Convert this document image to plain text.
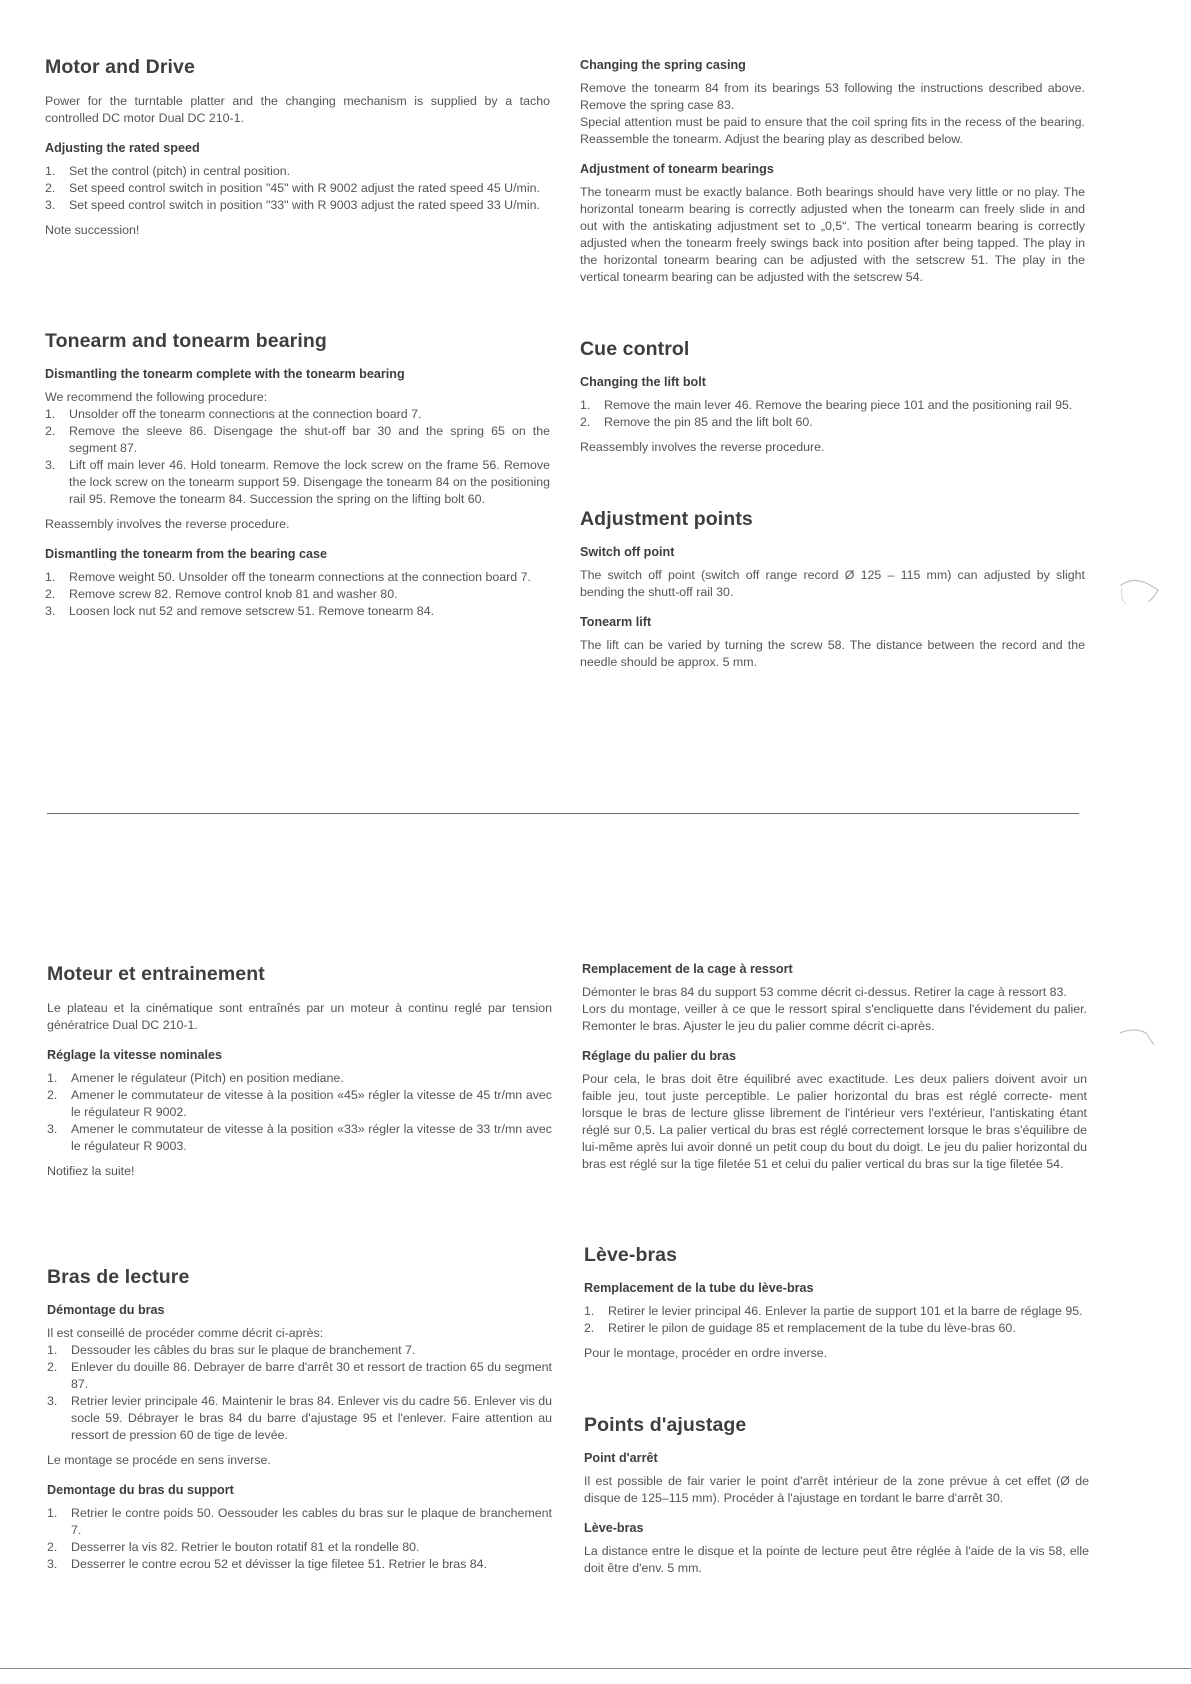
Motor and Drive

Power for the turntable platter and the changing mechanism is supplied by a tacho controlled DC motor Dual DC 210-1.

Adjusting the rated speed
1. Set the control (pitch) in central position.
2. Set speed control switch in position "45" with R 9002 adjust the rated speed 45 U/min.
3. Set speed control switch in position "33" with R 9003 adjust the rated speed 33 U/min.

Note succession!

Tonearm and tonearm bearing
Dismantling the tonearm complete with the tonearm bearing

We recommend the following procedure:

1. Unsolder off the tonearm connections at the connection board 7.
2. Remove the sleeve 86. Disengage the shut-off bar 30 and the spring 65 on the segment 87.
3. Lift off main lever 46. Hold tonearm. Remove the lock screw on the frame 56. Remove the lock screw on the tonearm support 59. Disengage the tonearm 84 on the positioning rail 95. Remove the tonearm 84. Succession the spring on the lifting bolt 60.

Reassembly involves the reverse procedure.

Dismantling the tonearm from the bearing case
1. Remove weight 50. Unsolder off the tonearm connections at the connection board 7.
2. Remove screw 82. Remove control knob 81 and washer 80.
3. Loosen lock nut 52 and remove setscrew 51. Remove tonearm 84.
Changing the spring casing

Remove the tonearm 84 from its bearings 53 following the instructions described above. Remove the spring case 83.

Special attention must be paid to ensure that the coil spring fits in the recess of the bearing. Reassemble the tonearm. Adjust the bearing play as described below.

Adjustment of tonearm bearings

The tonearm must be exactly balance. Both bearings should have very little or no play. The horizontal tonearm bearing is correctly adjusted when the tonearm can freely slide in and out with the antiskating adjustment set to „0,5“. The vertical tonearm bearing is correctly adjusted when the tonearm freely swings back into position after being tapped. The play in the horizontal tonearm bearing can be adjusted with the setscrew 51. The play in the vertical tonearm bearing can be adjusted with the setscrew 54.

Cue control
Changing the lift bolt
1. Remove the main lever 46. Remove the bearing piece 101 and the positioning rail 95.
2. Remove the pin 85 and the lift bolt 60.

Reassembly involves the reverse procedure.

Adjustment points
Switch off point

The switch off point (switch off range record Ø 125 – 115 mm) can adjusted by slight bending the shutt-off rail 30.

Tonearm lift

The lift can be varied by turning the screw 58. The distance between the record and the needle should be approx. 5 mm.

Moteur et entrainement

Le plateau et la cinématique sont entraînés par un moteur à continu reglé par tension génératrice Dual DC 210-1.

Réglage la vitesse nominales
1. Amener le régulateur (Pitch) en position mediane.
2. Amener le commutateur de vitesse à la position «45» régler la vitesse de 45 tr/mn avec le régulateur R 9002.
3. Amener le commutateur de vitesse à la position «33» régler la vitesse de 33 tr/mn avec le régulateur R 9003.

Notifiez la suite!

Bras de lecture
Démontage du bras

Il est conseillé de procéder comme décrit ci-après:

1. Dessouder les câbles du bras sur le plaque de branchement 7.
2. Enlever du douille 86. Debrayer de barre d'arrêt 30 et ressort de traction 65 du segment 87.
3. Retrier levier principale 46. Maintenir le bras 84. Enlever vis du cadre 56. Enlever vis du socle 59. Débrayer le bras 84 du barre d'ajustage 95 et l'enlever. Faire attention au ressort de pression 60 de tige de levée.

Le montage se procéde en sens inverse.

Demontage du bras du support
1. Retrier le contre poids 50. Oessouder les cables du bras sur le plaque de branchement 7.
2. Desserrer la vis 82. Retrier le bouton rotatif 81 et la rondelle 80.
3. Desserrer le contre ecrou 52 et dévisser la tige filetee 51. Retrier le bras 84.
Remplacement de la cage à ressort

Démonter le bras 84 du support 53 comme décrit ci-dessus. Retirer la cage à ressort 83.

Lors du montage, veiller à ce que le ressort spiral s'encliquette dans l'évidement du palier. Remonter le bras. Ajuster le jeu du palier comme décrit ci-après.

Réglage du palier du bras

Pour cela, le bras doit être équilibré avec exactitude. Les deux paliers doivent avoir un faible jeu, tout juste perceptible. Le palier horizontal du bras est réglé correcte- ment lorsque le bras de lecture glisse librement de l'intérieur vers l'extérieur, l'antiskating étant réglé sur 0,5. La palier vertical du bras est réglé correctement lorsque le bras s'équilibre de lui-même après lui avoir donné un petit coup du bout du doigt. Le jeu du palier horizontal du bras est réglé sur la tige filetée 51 et celui du palier vertical du bras sur la tige filetée 54.

Lève-bras
Remplacement de la tube du lève-bras
1. Retirer le levier principal 46. Enlever la partie de support 101 et la barre de réglage 95.
2. Retirer le pilon de guidage 85 et remplacement de la tube du lève-bras 60.

Pour le montage, procéder en ordre inverse.

Points d'ajustage
Point d'arrêt

Il est possible de fair varier le point d'arrêt intérieur de la zone prévue à cet effet (Ø de disque de 125–115 mm). Procéder à l'ajustage en tordant le barre d'arrêt 30.

Lève-bras

La distance entre le disque et la pointe de lecture peut être réglée à l'aide de la vis 58, elle doit être d'env. 5 mm.
